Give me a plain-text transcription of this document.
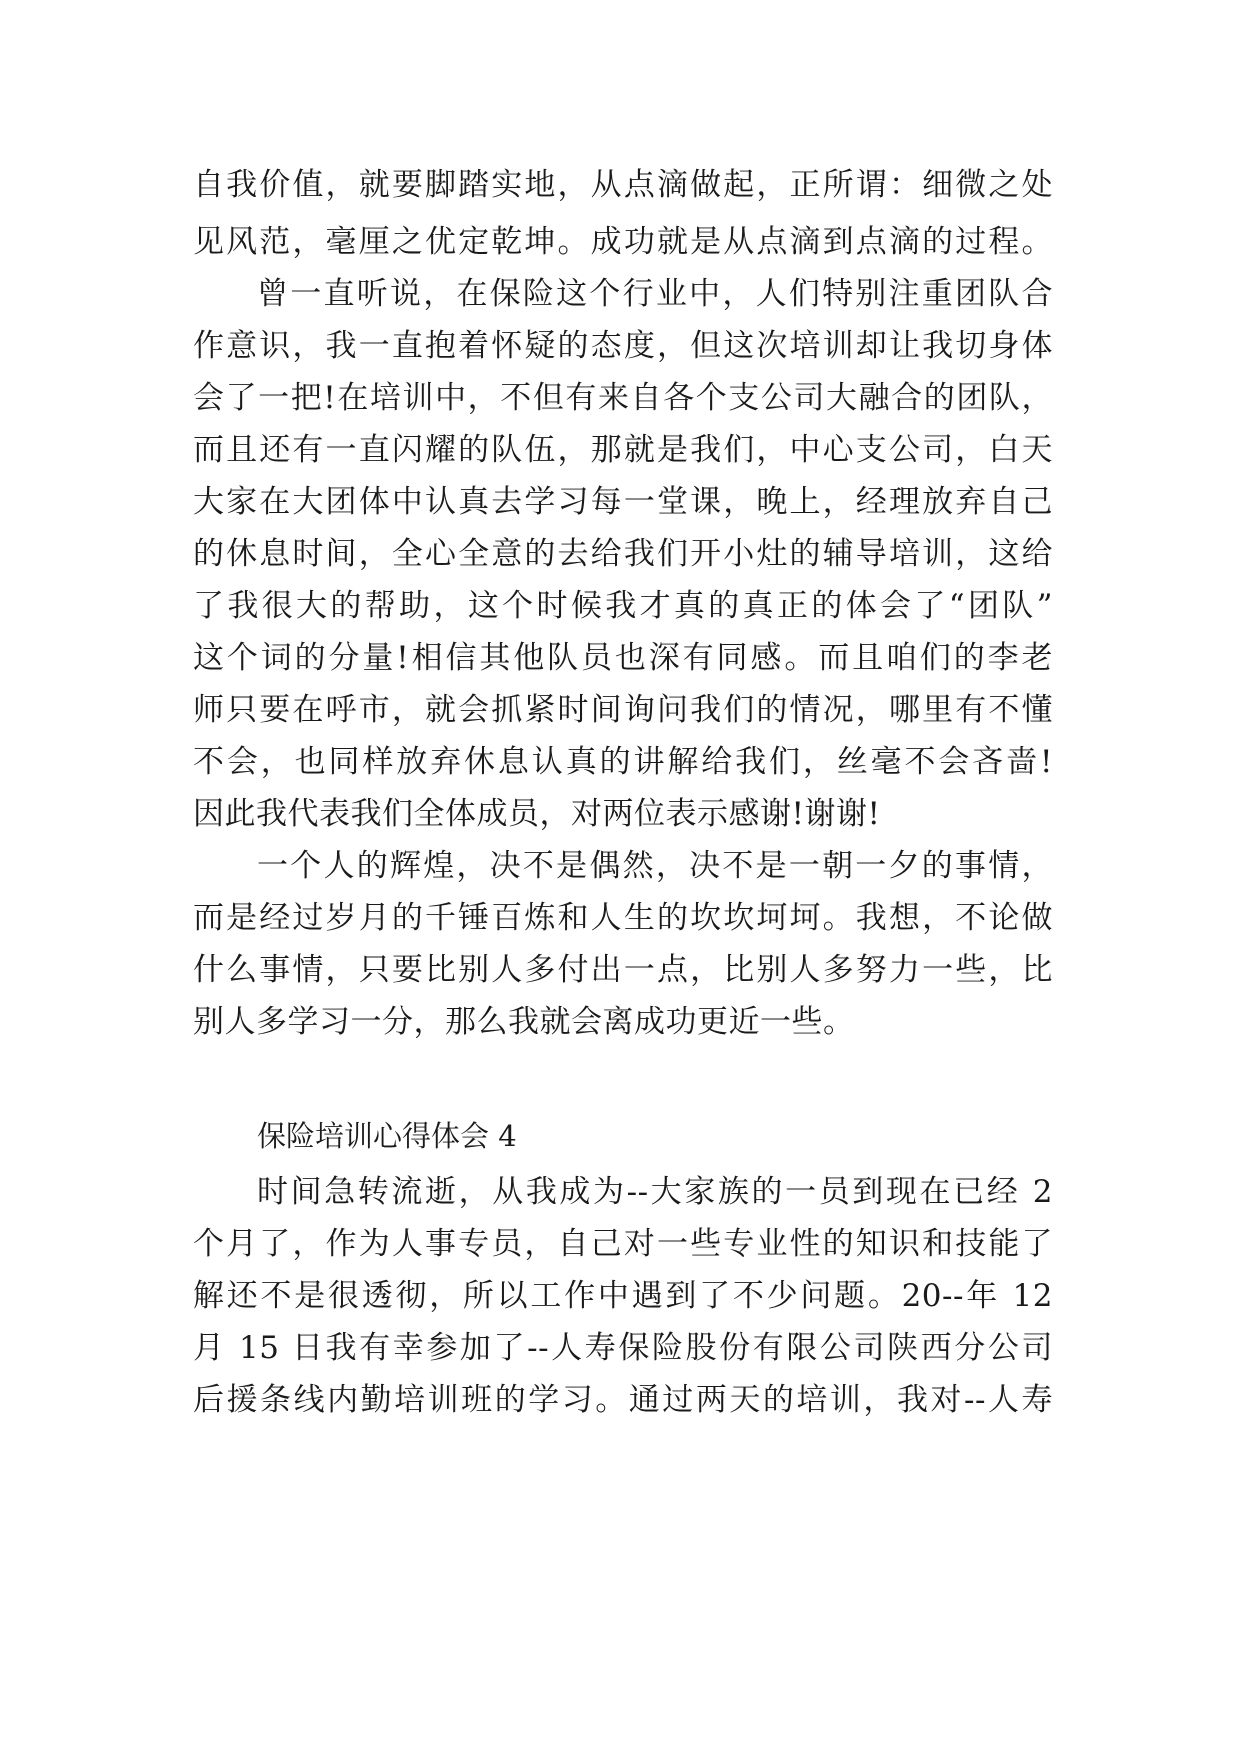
自我价值，就要脚踏实地，从点滴做起，正所谓：细微之处
见风范，毫厘之优定乾坤。成功就是从点滴到点滴的过程。
曾一直听说，在保险这个行业中，人们特别注重团队合
作意识，我一直抱着怀疑的态度，但这次培训却让我切身体
会了一把!在培训中，不但有来自各个支公司大融合的团队，
而且还有一直闪耀的队伍，那就是我们，中心支公司，白天
大家在大团体中认真去学习每一堂课，晚上，经理放弃自己
的休息时间，全心全意的去给我们开小灶的辅导培训，这给
了我很大的帮助，这个时候我才真的真正的体会了“团队”
这个词的分量!相信其他队员也深有同感。而且咱们的李老
师只要在呼市，就会抓紧时间询问我们的情况，哪里有不懂
不会，也同样放弃休息认真的讲解给我们，丝毫不会吝啬!
因此我代表我们全体成员，对两位表示感谢!谢谢!
一个人的辉煌，决不是偶然，决不是一朝一夕的事情，
而是经过岁月的千锤百炼和人生的坎坎坷坷。我想，不论做
什么事情，只要比别人多付出一点，比别人多努力一些，比
别人多学习一分，那么我就会离成功更近一些。
保险培训心得体会 4
时间急转流逝，从我成为--大家族的一员到现在已经 2
个月了，作为人事专员，自己对一些专业性的知识和技能了
解还不是很透彻，所以工作中遇到了不少问题。20--年 12
月 15 日我有幸参加了--人寿保险股份有限公司陕西分公司
后援条线内勤培训班的学习。通过两天的培训，我对--人寿
